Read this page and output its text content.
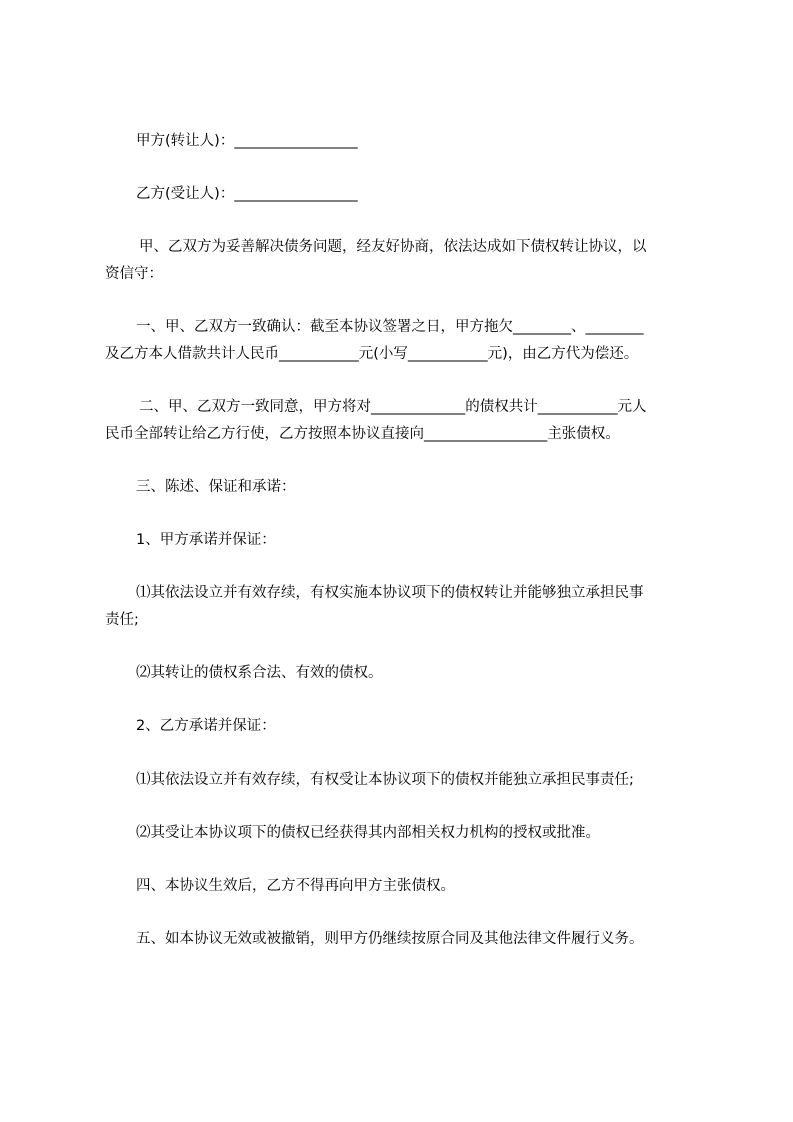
甲方(转让人)：_________________

乙方(受让人)：_________________

甲、乙双方为妥善解决债务问题，经友好协商，依法达成如下债权转让协议，以

资信守：

一、甲、乙双方一致确认：截至本协议签署之日，甲方拖欠________、________

及乙方本人借款共计人民币___________元(小写___________元)，由乙方代为偿还。

二、甲、乙双方一致同意，甲方将对_____________的债权共计___________元人

民币全部转让给乙方行使，乙方按照本协议直接向_________________主张债权。

三、陈述、保证和承诺：

1、甲方承诺并保证：

⑴其依法设立并有效存续，有权实施本协议项下的债权转让并能够独立承担民事

责任;

⑵其转让的债权系合法、有效的债权。

2、乙方承诺并保证：

⑴其依法设立并有效存续，有权受让本协议项下的债权并能独立承担民事责任;

⑵其受让本协议项下的债权已经获得其内部相关权力机构的授权或批准。

四、本协议生效后，乙方不得再向甲方主张债权。

五、如本协议无效或被撤销，则甲方仍继续按原合同及其他法律文件履行义务。
